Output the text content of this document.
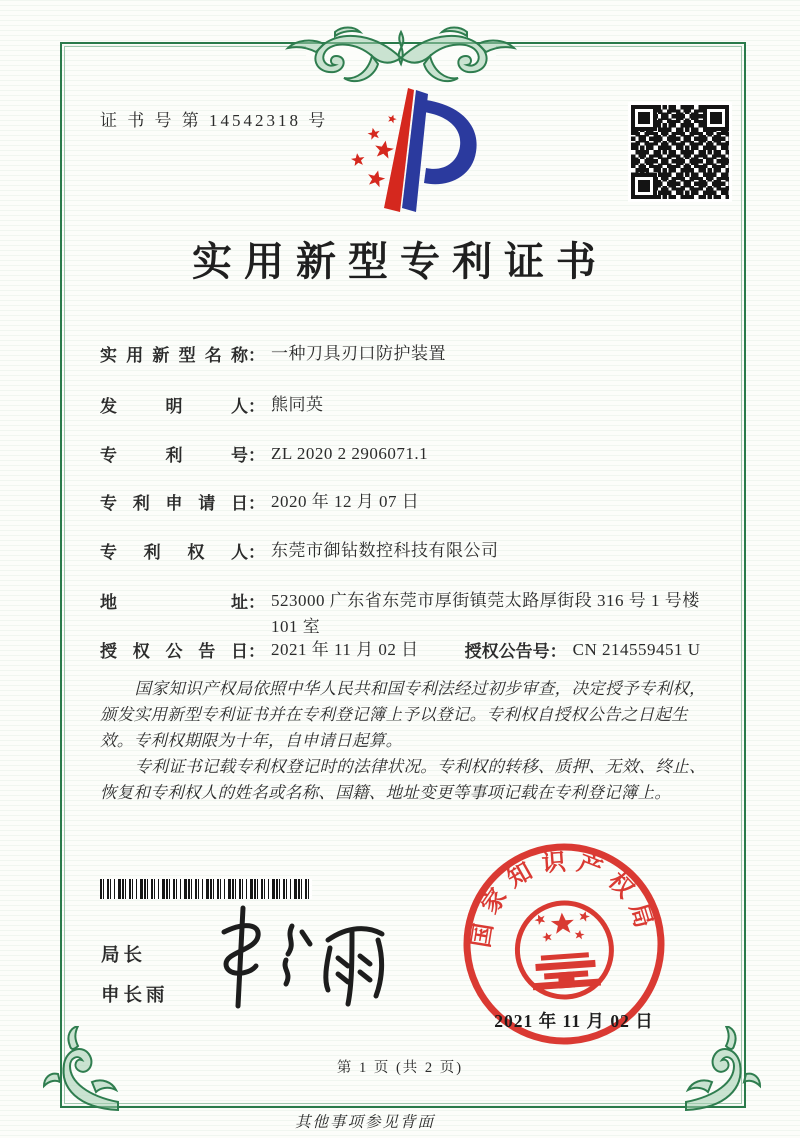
证 书 号 第 14542318 号
实用新型专利证书
实用新型名称 ： 一种刀具刃口防护装置
发明人 ： 熊同英
专利号 ： ZL 2020 2 2906071.1
专利申请日 ： 2020 年 12 月 07 日
专利权人 ： 东莞市御钻数控科技有限公司
地址 ： 523000 广东省东莞市厚街镇莞太路厚街段 316 号 1 号楼 101 室
授权公告日 ： 2021 年 11 月 02 日	授权公告号 ： CN 214559451 U

国家知识产权局依照中华人民共和国专利法经过初步审查，决定授予专利权，颁发实用新型专利证书并在专利登记簿上予以登记。专利权自授权公告之日起生效。专利权期限为十年，自申请日起算。

专利证书记载专利权登记时的法律状况。专利权的转移、质押、无效、终止、恢复和专利权人的姓名或名称、国籍、地址变更等事项记载在专利登记簿上。

局长
申长雨
国家知识产权局
2021 年 11 月 02 日
第 1 页 (共 2 页)
其他事项参见背面
